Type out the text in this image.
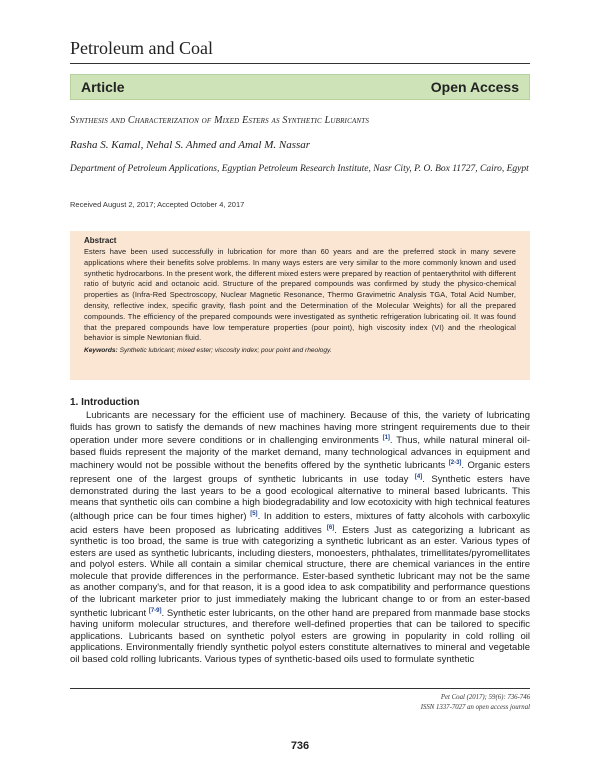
Petroleum and Coal
Article	Open Access
Synthesis and Characterization of Mixed Esters as Synthetic Lubricants
Rasha S. Kamal, Nehal S. Ahmed and Amal M. Nassar
Department of Petroleum Applications, Egyptian Petroleum Research Institute, Nasr City, P. O. Box 11727, Cairo, Egypt
Received August 2, 2017; Accepted October 4, 2017
Abstract
Esters have been used successfully in lubrication for more than 60 years and are the preferred stock in many severe applications where their benefits solve problems. In many ways esters are very similar to the more commonly known and used synthetic hydrocarbons. In the present work, the different mixed esters were prepared by reaction of pentaerythritol with different ratio of butyric acid and octanoic acid. Structure of the prepared compounds was confirmed by study the physico-chemical properties as (Infra-Red Spectroscopy, Nuclear Magnetic Resonance, Thermo Gravimetric Analysis TGA, Total Acid Number, density, reflective index, specific gravity, flash point and the Determination of the Molecular Weights) for all the prepared compounds. The efficiency of the prepared compounds were investigated as synthetic refrigeration lubricating oil. It was found that the prepared compounds have low temperature properties (pour point), high viscosity index (VI) and the rheological behavior is simple Newtonian fluid.
Keywords: Synthetic lubricant; mixed ester; viscosity index; pour point and rheology.
1. Introduction

Lubricants are necessary for the efficient use of machinery. Because of this, the variety of lubricating fluids has grown to satisfy the demands of new machines having more stringent requirements due to their operation under more severe conditions or in challenging environments [1]. Thus, while natural mineral oil-based fluids represent the majority of the market demand, many technological advances in equipment and machinery would not be possible without the benefits offered by the synthetic lubricants [2-3]. Organic esters represent one of the largest groups of synthetic lubricants in use today [4]. Synthetic esters have demonstrated during the last years to be a good ecological alternative to mineral based lubricants. This means that synthetic oils can combine a high biodegradability and low ecotoxicity with high technical features (although price can be four times higher) [5]. In addition to esters, mixtures of fatty alcohols with carboxylic acid esters have been proposed as lubricating additives [6]. Esters Just as categorizing a lubricant as synthetic is too broad, the same is true with categorizing a synthetic lubricant as an ester. Various types of esters are used as synthetic lubricants, including diesters, monoesters, phthalates, trimellitates/pyromellitates and polyol esters. While all contain a similar chemical structure, there are chemical variances in the entire molecule that provide differences in the performance. Ester-based synthetic lubricant may not be the same as another company's, and for that reason, it is a good idea to ask compatibility and performance questions of the lubricant marketer prior to just immediately making the lubricant change to or from an ester-based synthetic lubricant [7-9]. Synthetic ester lubricants, on the other hand are prepared from manmade base stocks having uniform molecular structures, and therefore well-defined properties that can be tailored to specific applications. Lubricants based on synthetic polyol esters are growing in popularity in cold rolling oil applications. Environmentally friendly synthetic polyol esters constitute alternatives to mineral and vegetable oil based cold rolling lubricants. Various types of synthetic-based oils used to formulate synthetic

Pet Coal (2017); 59(6): 736-746
ISSN 1337-7027 an open access journal
736
